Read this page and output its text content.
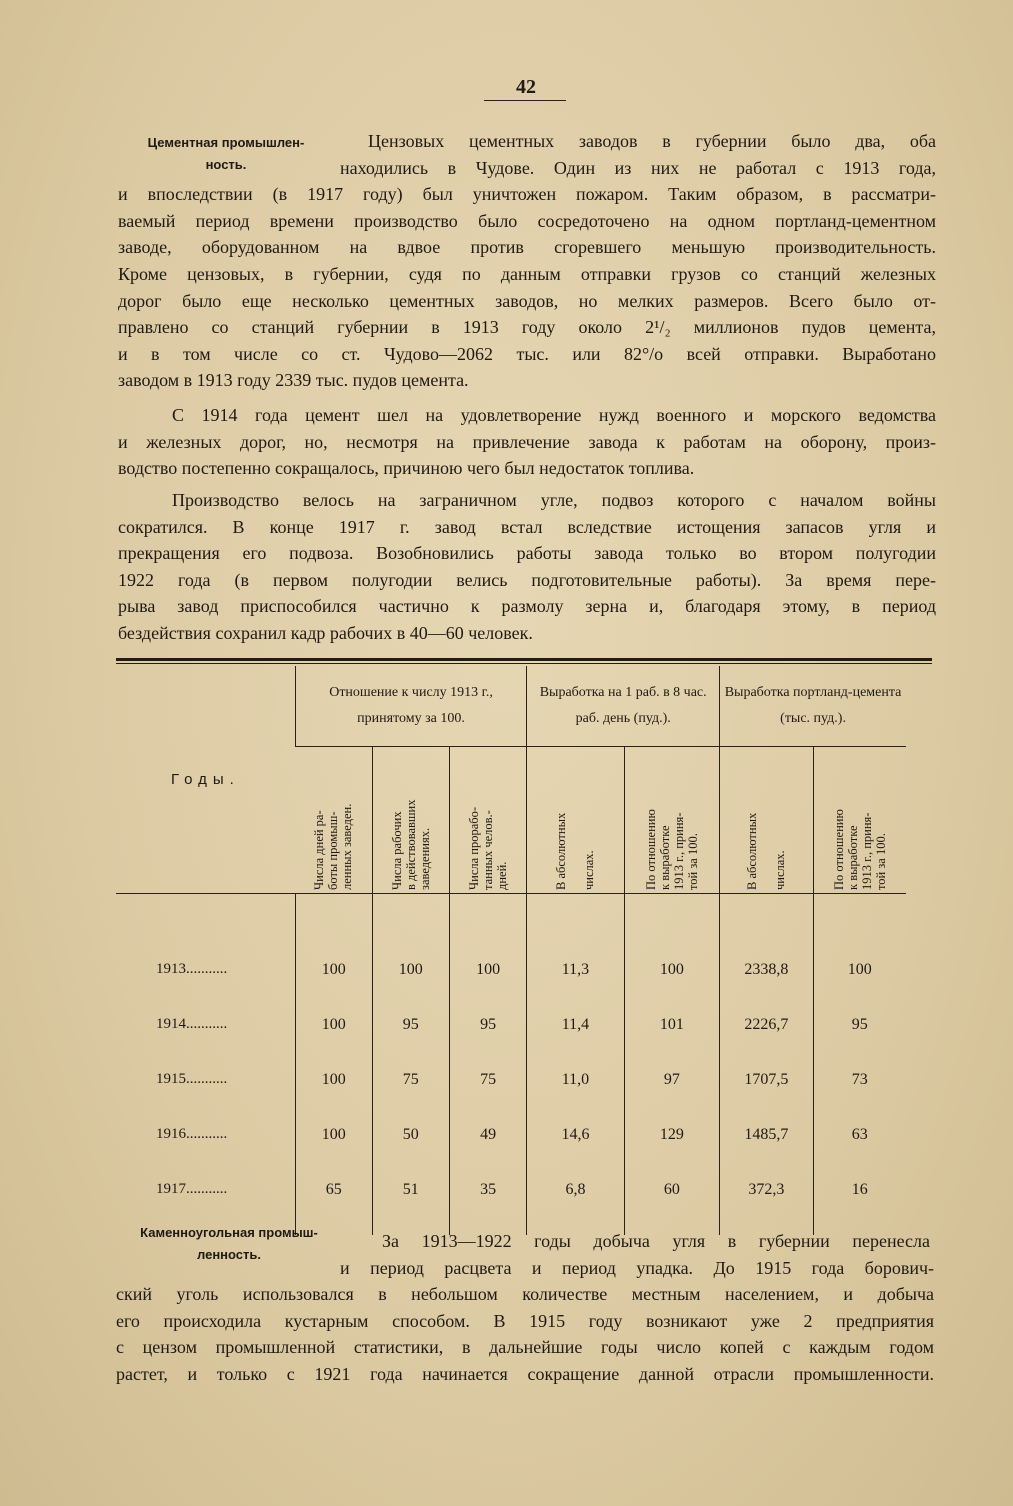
42
Цементная промышлен-
ность.
Цензовых цементных заводов в губернии было два, оба
находились в Чудове. Один из них не работал с 1913 года,
и впоследствии (в 1917 году) был уничтожен пожаром. Таким образом, в рассматри-
ваемый период времени производство было сосредоточено на одном портланд-цементном
заводе, оборудованном на вдвое против сгоревшего меньшую производительность.
Кроме цензовых, в губернии, судя по данным отправки грузов со станций железных
дорог было еще несколько цементных заводов, но мелких размеров. Всего было от-
правлено со станций губернии в 1913 году около 2¹/₂ миллионов пудов цемента,
и в том числе со ст. Чудово—2062 тыс. или 82°/о всей отправки. Выработано
заводом в 1913 году 2339 тыс. пудов цемента.
С 1914 года цемент шел на удовлетворение нужд военного и морского ведомства
и железных дорог, но, несмотря на привлечение завода к работам на оборону, произ-
водство постепенно сокращалось, причиною чего был недостаток топлива.
Производство велось на заграничном угле, подвоз которого с началом войны
сократился. В конце 1917 г. завод встал вследствие истощения запасов угля и
прекращения его подвоза. Возобновились работы завода только во втором полугодии
1922 года (в первом полугодии велись подготовительные работы). За время пере-
рыва завод приспособился частично к размолу зерна и, благодаря этому, в период
бездействия сохранил кадр рабочих в 40—60 человек.
Годы.	Отношение к числу 1913 г., принятому за 100.			Выработка на 1 раб. в 8 час. раб. день (пуд.).		Выработка портланд-цемента (тыс. пуд.).	

	Числа дней ра-
боты промыш-
ленных заведен.	Числа рабочих
в действовавших
заведениях.	Числа прорабо-
танных челов.-
дней.	В абсолютных

числах.	По отношению
к выработке
1913 г., приня-
той за 100.	В абсолютных

числах.	По отношению
к выработке
1913 г., приня-
той за 100.

1913...........	100	100	100	11,3	100	2338,8	100
1914...........	100	95	95	11,4	101	2226,7	95
1915...........	100	75	75	11,0	97	1707,5	73
1916...........	100	50	49	14,6	129	1485,7	63
1917...........	65	51	35	6,8	60	372,3	16

Каменноугольная промыш-
ленность.
За 1913—1922 годы добыча угля в губернии перенесла
и период расцвета и период упадка. До 1915 года борович-
ский уголь использовался в небольшом количестве местным населением, и добыча
его происходила кустарным способом. В 1915 году возникают уже 2 предприятия
с цензом промышленной статистики, в дальнейшие годы число копей с каждым годом
растет, и только с 1921 года начинается сокращение данной отрасли промышленности.
